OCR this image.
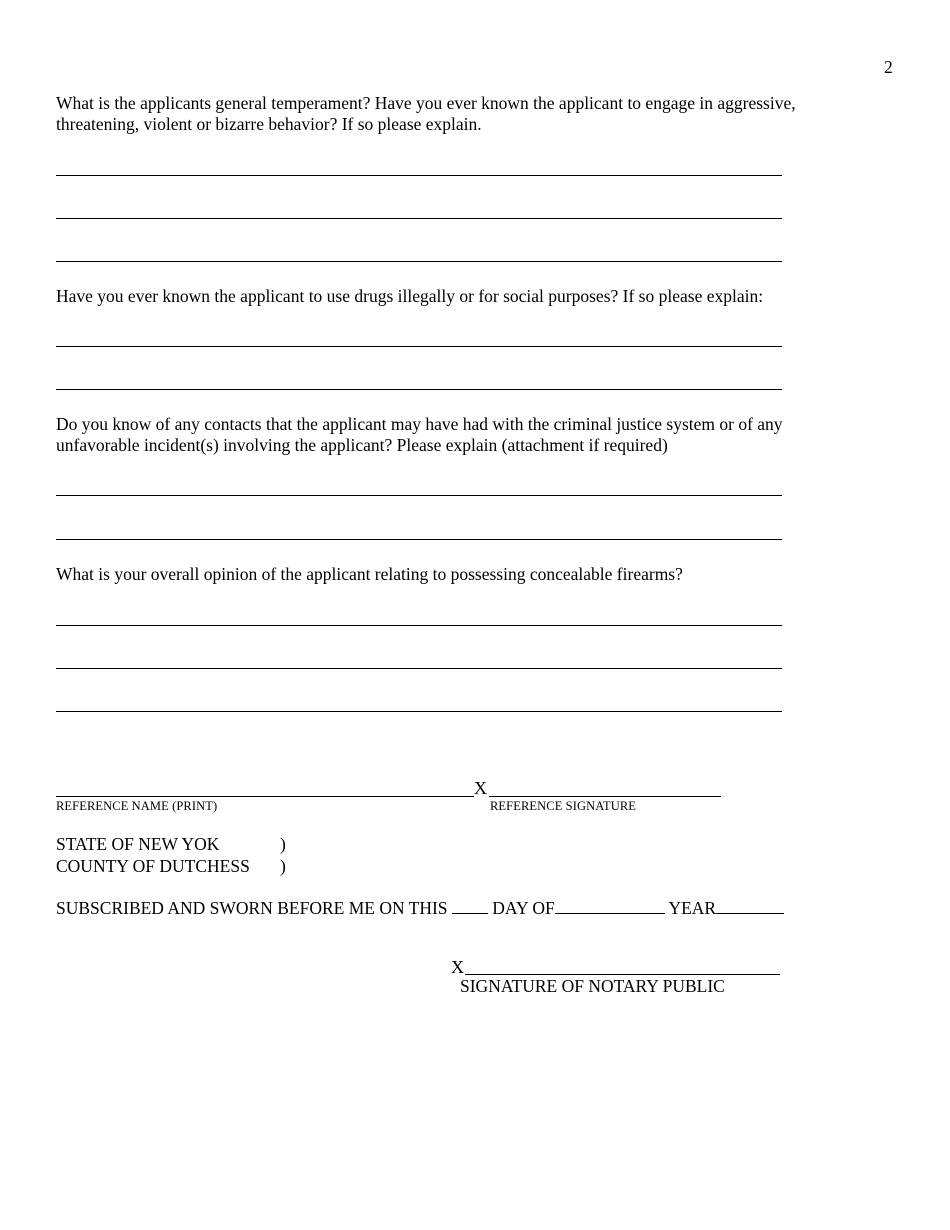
2

What is the applicants general temperament? Have you ever known the applicant to engage in aggressive, threatening, violent or bizarre behavior? If so please explain.

Have you ever known the applicant to use drugs illegally or for social purposes? If so please explain:

Do you know of any contacts that the applicant may have had with the criminal justice system or of any unfavorable incident(s) involving the applicant? Please explain (attachment if required)

What is your overall opinion of the applicant relating to possessing concealable firearms?

X
REFERENCE NAME (PRINT)	REFERENCE SIGNATURE
STATE OF NEW YOK	)
COUNTY OF DUTCHESS )
SUBSCRIBED AND SWORN BEFORE ME ON THIS	DAY OF	YEAR
X
SIGNATURE OF NOTARY PUBLIC
